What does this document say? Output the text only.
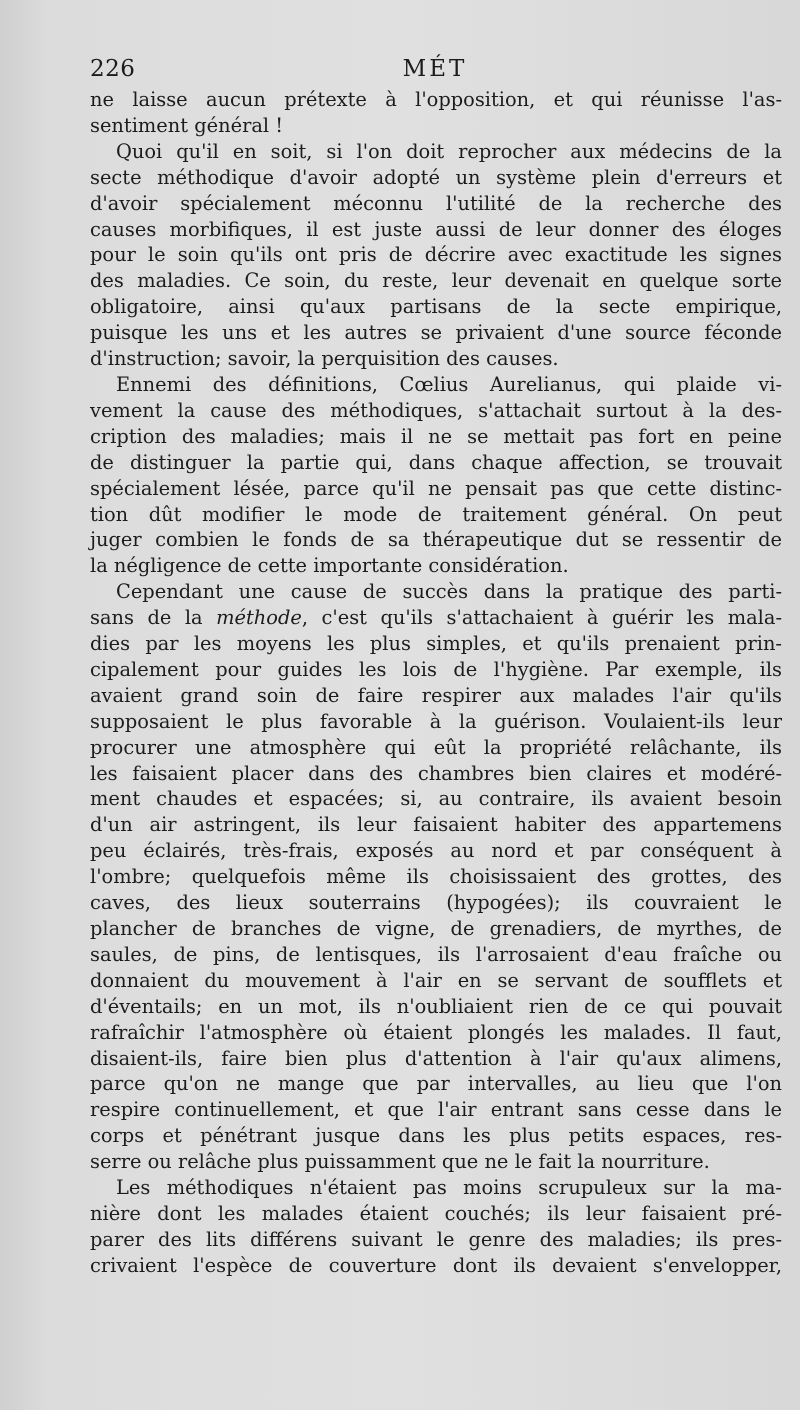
226	MÉT

ne laisse aucun prétexte à l'opposition, et qui réunisse l'as-
sentiment général !

Quoi qu'il en soit, si l'on doit reprocher aux médecins de la
secte méthodique d'avoir adopté un système plein d'erreurs et
d'avoir spécialement méconnu l'utilité de la recherche des
causes morbifiques, il est juste aussi de leur donner des éloges
pour le soin qu'ils ont pris de décrire avec exactitude les signes
des maladies. Ce soin, du reste, leur devenait en quelque sorte
obligatoire, ainsi qu'aux partisans de la secte empirique,
puisque les uns et les autres se privaient d'une source féconde
d'instruction; savoir, la perquisition des causes.

Ennemi des définitions, Cœlius Aurelianus, qui plaide vi-
vement la cause des méthodiques, s'attachait surtout à la des-
cription des maladies; mais il ne se mettait pas fort en peine
de distinguer la partie qui, dans chaque affection, se trouvait
spécialement lésée, parce qu'il ne pensait pas que cette distinc-
tion dût modifier le mode de traitement général. On peut
juger combien le fonds de sa thérapeutique dut se ressentir de
la négligence de cette importante considération.

Cependant une cause de succès dans la pratique des parti-
sans de la méthode, c'est qu'ils s'attachaient à guérir les mala-
dies par les moyens les plus simples, et qu'ils prenaient prin-
cipalement pour guides les lois de l'hygiène. Par exemple, ils
avaient grand soin de faire respirer aux malades l'air qu'ils
supposaient le plus favorable à la guérison. Voulaient-ils leur
procurer une atmosphère qui eût la propriété relâchante, ils
les faisaient placer dans des chambres bien claires et modéré-
ment chaudes et espacées; si, au contraire, ils avaient besoin
d'un air astringent, ils leur faisaient habiter des appartemens
peu éclairés, très-frais, exposés au nord et par conséquent à
l'ombre; quelquefois même ils choisissaient des grottes, des
caves, des lieux souterrains (hypogées); ils couvraient le
plancher de branches de vigne, de grenadiers, de myrthes, de
saules, de pins, de lentisques, ils l'arrosaient d'eau fraîche ou
donnaient du mouvement à l'air en se servant de soufflets et
d'éventails; en un mot, ils n'oubliaient rien de ce qui pouvait
rafraîchir l'atmosphère où étaient plongés les malades. Il faut,
disaient-ils, faire bien plus d'attention à l'air qu'aux alimens,
parce qu'on ne mange que par intervalles, au lieu que l'on
respire continuellement, et que l'air entrant sans cesse dans le
corps et pénétrant jusque dans les plus petits espaces, res-
serre ou relâche plus puissamment que ne le fait la nourriture.

Les méthodiques n'étaient pas moins scrupuleux sur la ma-
nière dont les malades étaient couchés; ils leur faisaient pré-
parer des lits différens suivant le genre des maladies; ils pres-
crivaient l'espèce de couverture dont ils devaient s'envelopper,
